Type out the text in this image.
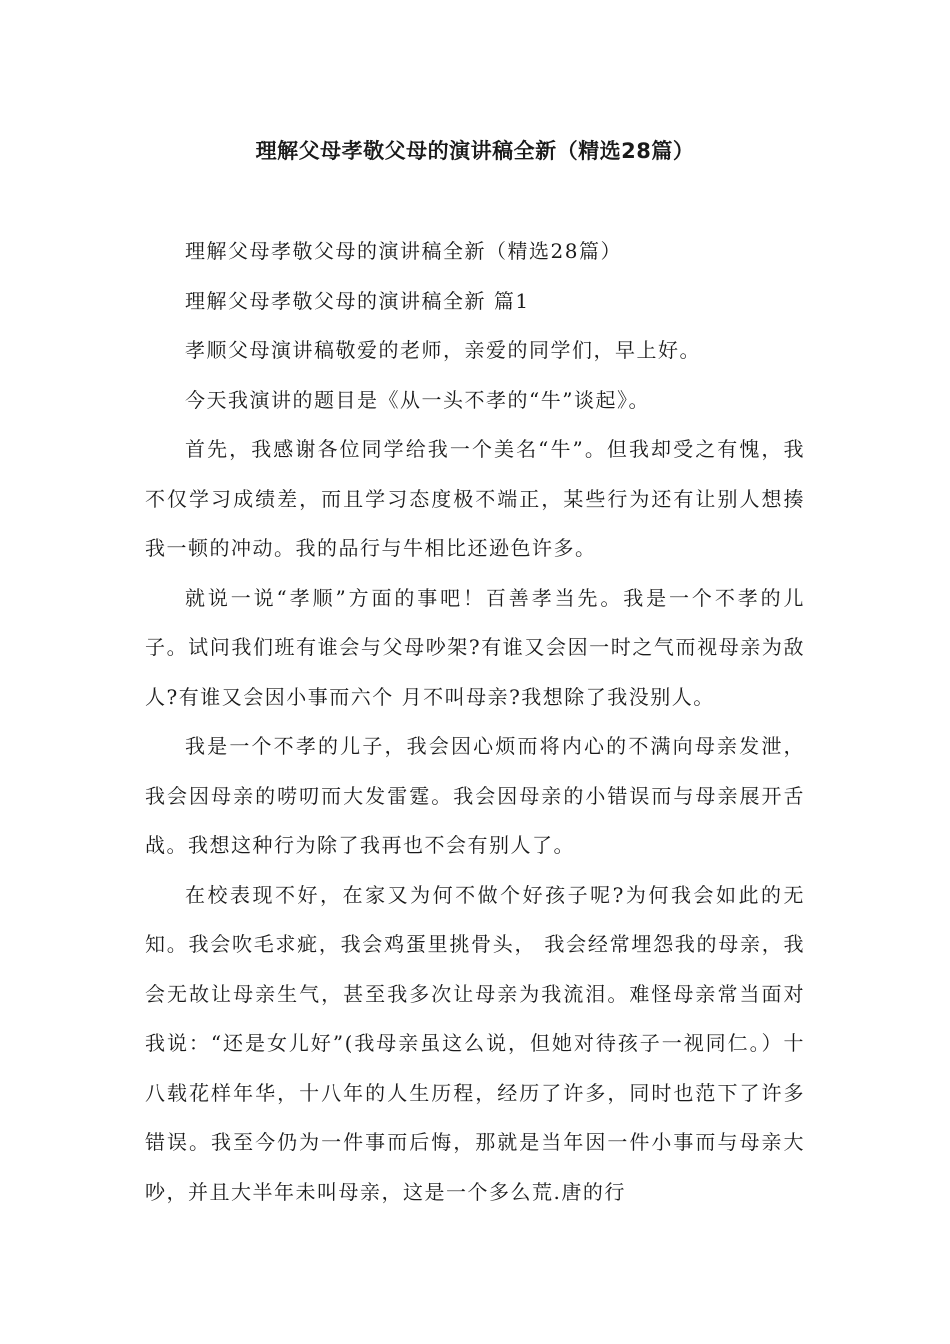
理解父母孝敬父母的演讲稿全新（精选28篇）

理解父母孝敬父母的演讲稿全新（精选28篇）

理解父母孝敬父母的演讲稿全新 篇1

孝顺父母演讲稿敬爱的老师，亲爱的同学们，早上好。

今天我演讲的题目是《从一头不孝的“牛”谈起》。

首先，我感谢各位同学给我一个美名“牛”。但我却受之有愧，我不仅学习成绩差，而且学习态度极不端正，某些行为还有让别人想揍我一顿的冲动。我的品行与牛相比还逊色许多。

就说一说“孝顺”方面的事吧！百善孝当先。我是一个不孝的儿子。试问我们班有谁会与父母吵架?有谁又会因一时之气而视母亲为敌人?有谁又会因小事而六个 月不叫母亲?我想除了我没别人。

我是一个不孝的儿子，我会因心烦而将内心的不满向母亲发泄，我会因母亲的唠叨而大发雷霆。我会因母亲的小错误而与母亲展开舌战。我想这种行为除了我再也不会有别人了。

在校表现不好，在家又为何不做个好孩子呢?为何我会如此的无知。我会吹毛求疵，我会鸡蛋里挑骨头， 我会经常埋怨我的母亲，我会无故让母亲生气，甚至我多次让母亲为我流泪。难怪母亲常当面对我说：“还是女儿好”(我母亲虽这么说，但她对待孩子一视同仁。）十八载花样年华，十八年的人生历程，经历了许多，同时也范下了许多错误。我至今仍为一件事而后悔，那就是当年因一件小事而与母亲大吵，并且大半年未叫母亲，这是一个多么荒.唐的行
